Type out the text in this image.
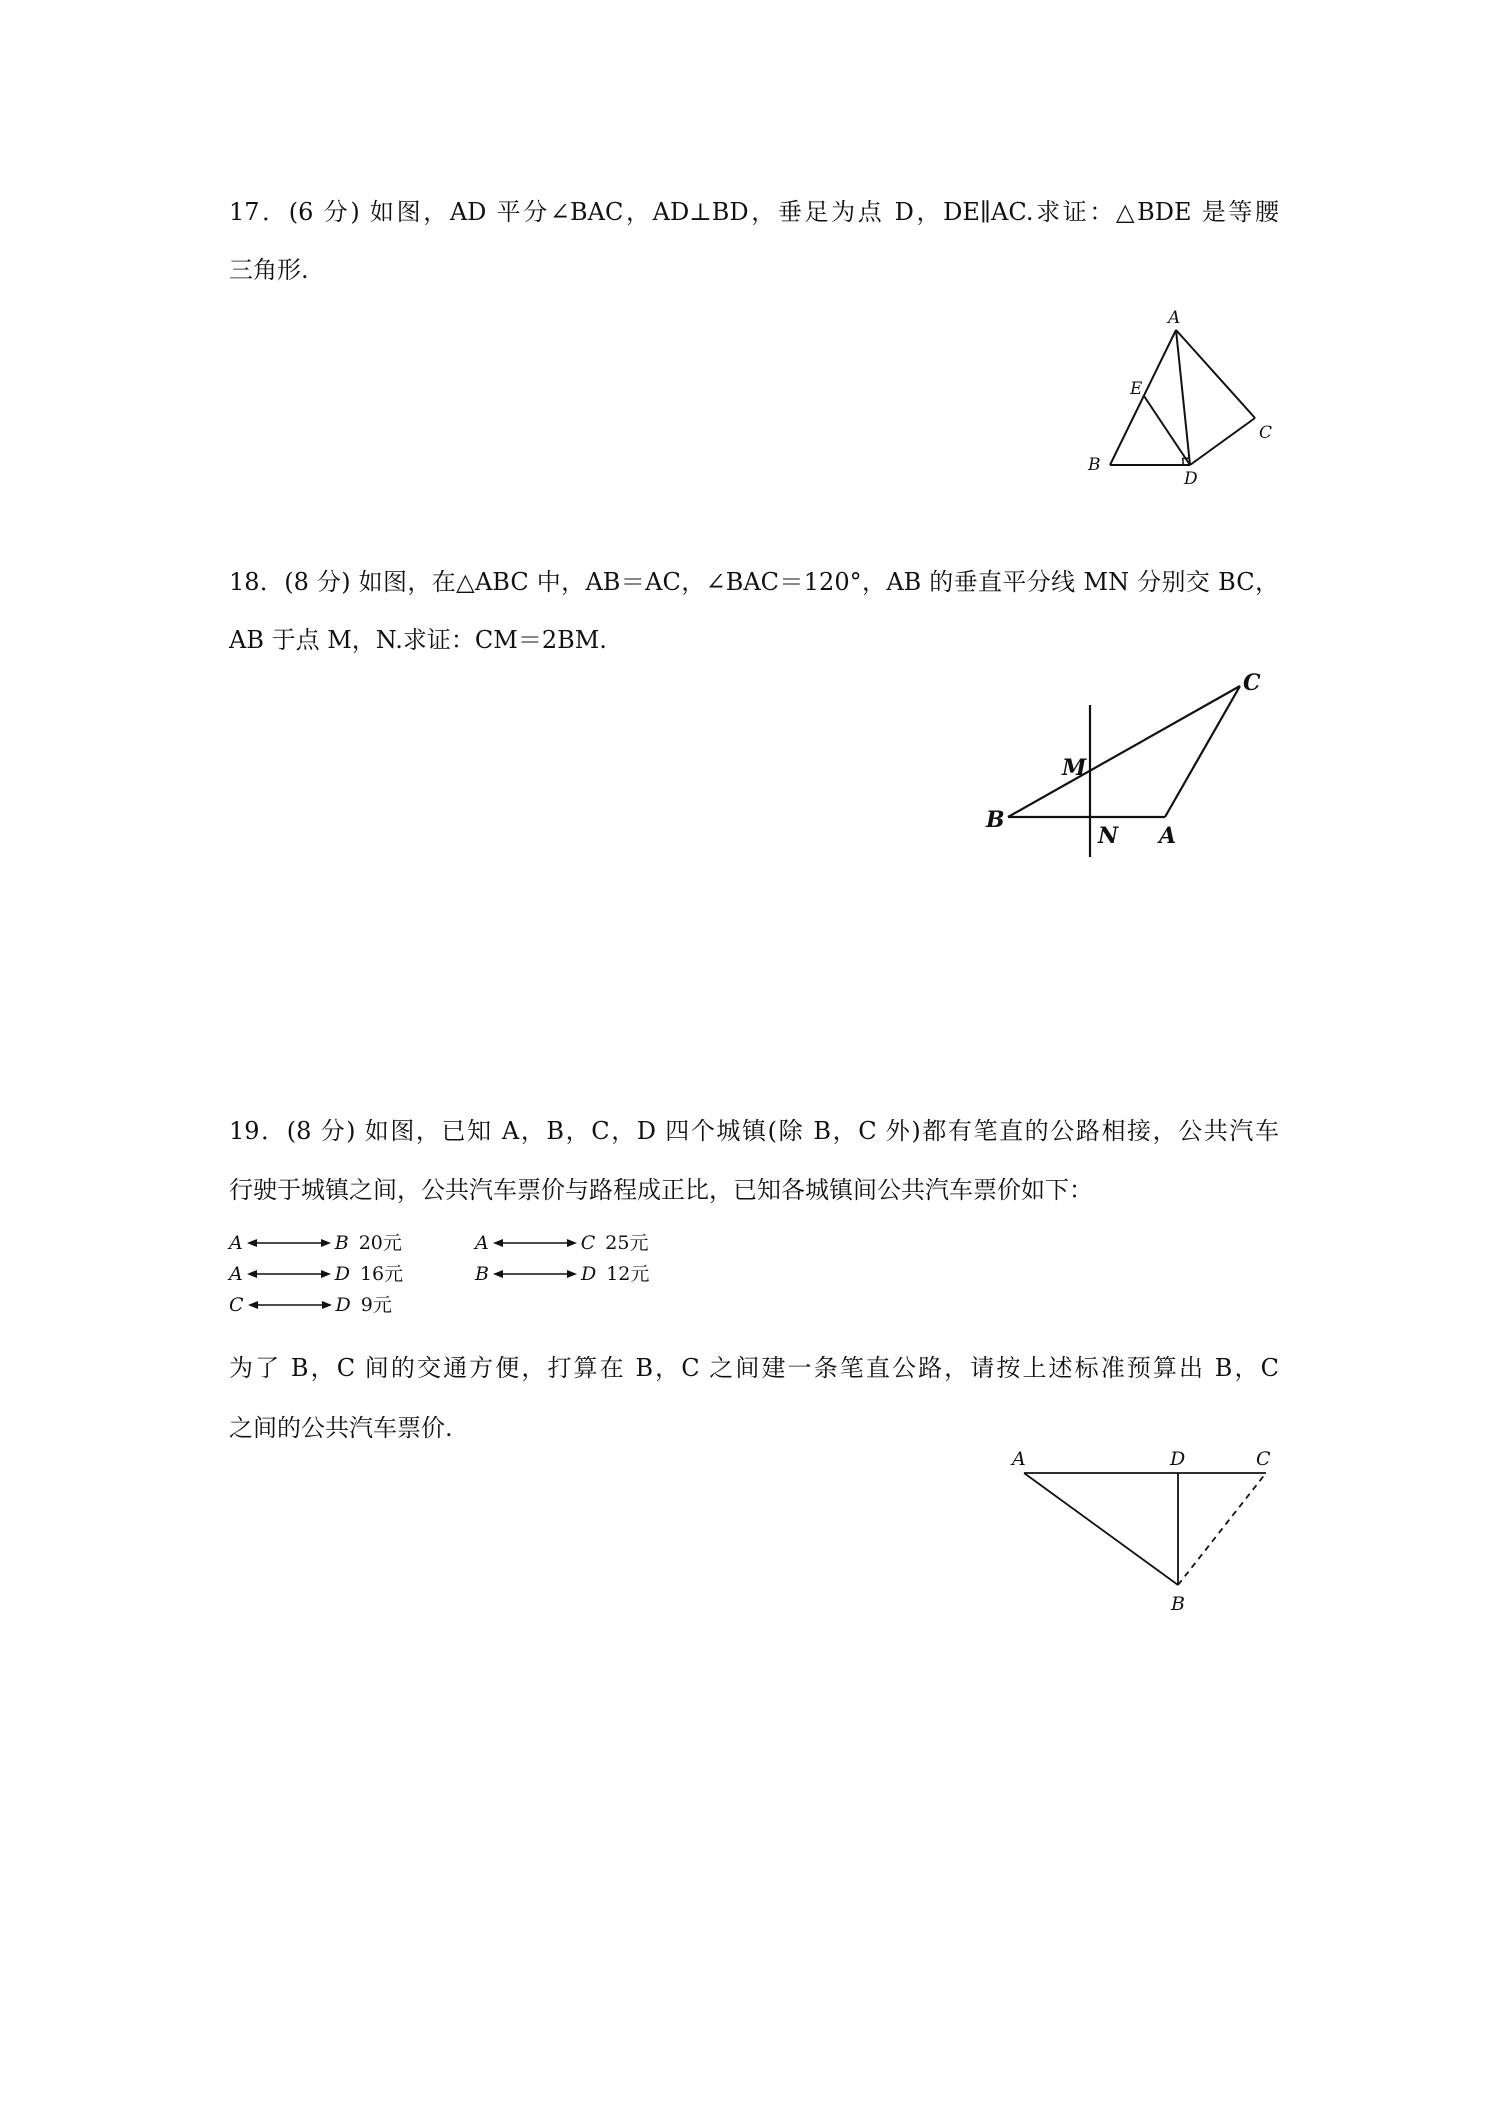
17．(6 分) 如图，AD 平分∠BAC，AD⊥BD，垂足为点 D，DE∥AC.求证：△BDE 是等腰
三角形.
A
E
C
B
D
18．(8 分) 如图，在△ABC 中，AB＝AC，∠BAC＝120°，AB 的垂直平分线 MN 分别交 BC，
AB 于点 M，N.求证：CM＝2BM.
C
M
B
N A
19．(8 分) 如图，已知 A，B，C，D 四个城镇(除 B，C 外)都有笔直的公路相接，公共汽车
行驶于城镇之间，公共汽车票价与路程成正比，已知各城镇间公共汽车票价如下：
A	B 20元	A	C 25元
A	D 16元	B	D 12元
C	D 9元
为了 B，C 间的交通方便，打算在 B，C 之间建一条笔直公路，请按上述标准预算出 B，C
之间的公共汽车票价.
A	D	C
B
